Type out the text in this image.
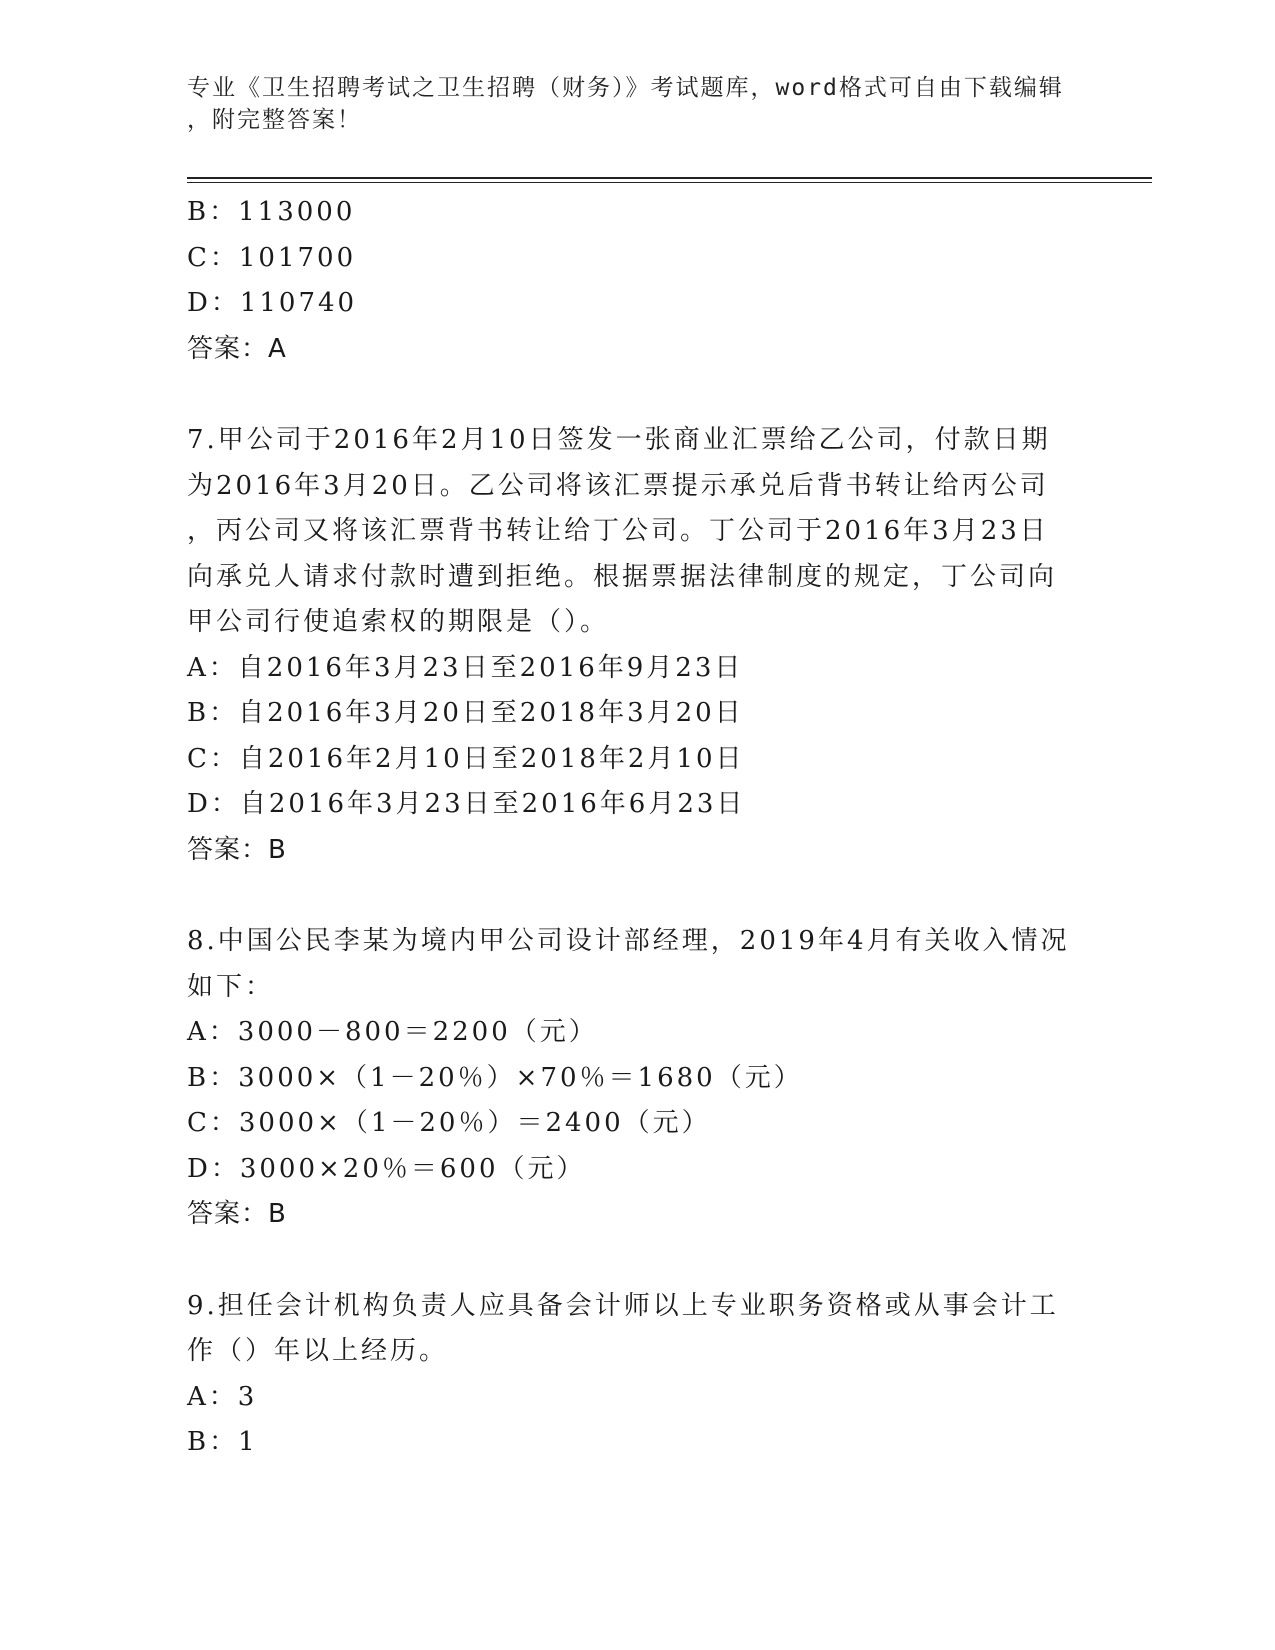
专业《卫生招聘考试之卫生招聘（财务）》考试题库，word格式可自由下载编辑
，附完整答案！
B：113000
C：101700
D：110740
答案：A
7.甲公司于2016年2月10日签发一张商业汇票给乙公司，付款日期
为2016年3月20日。乙公司将该汇票提示承兑后背书转让给丙公司
，丙公司又将该汇票背书转让给丁公司。丁公司于2016年3月23日
向承兑人请求付款时遭到拒绝。根据票据法律制度的规定，丁公司向
甲公司行使追索权的期限是（）。
A：自2016年3月23日至2016年9月23日
B：自2016年3月20日至2018年3月20日
C：自2016年2月10日至2018年2月10日
D：自2016年3月23日至2016年6月23日
答案：B
8.中国公民李某为境内甲公司设计部经理，2019年4月有关收入情况
如下：
A：3000－800＝2200（元）
B：3000×（1－20％）×70％＝1680（元）
C：3000×（1－20％）＝2400（元）
D：3000×20％＝600（元）
答案：B
9.担任会计机构负责人应具备会计师以上专业职务资格或从事会计工
作（）年以上经历。
A：3
B：1
